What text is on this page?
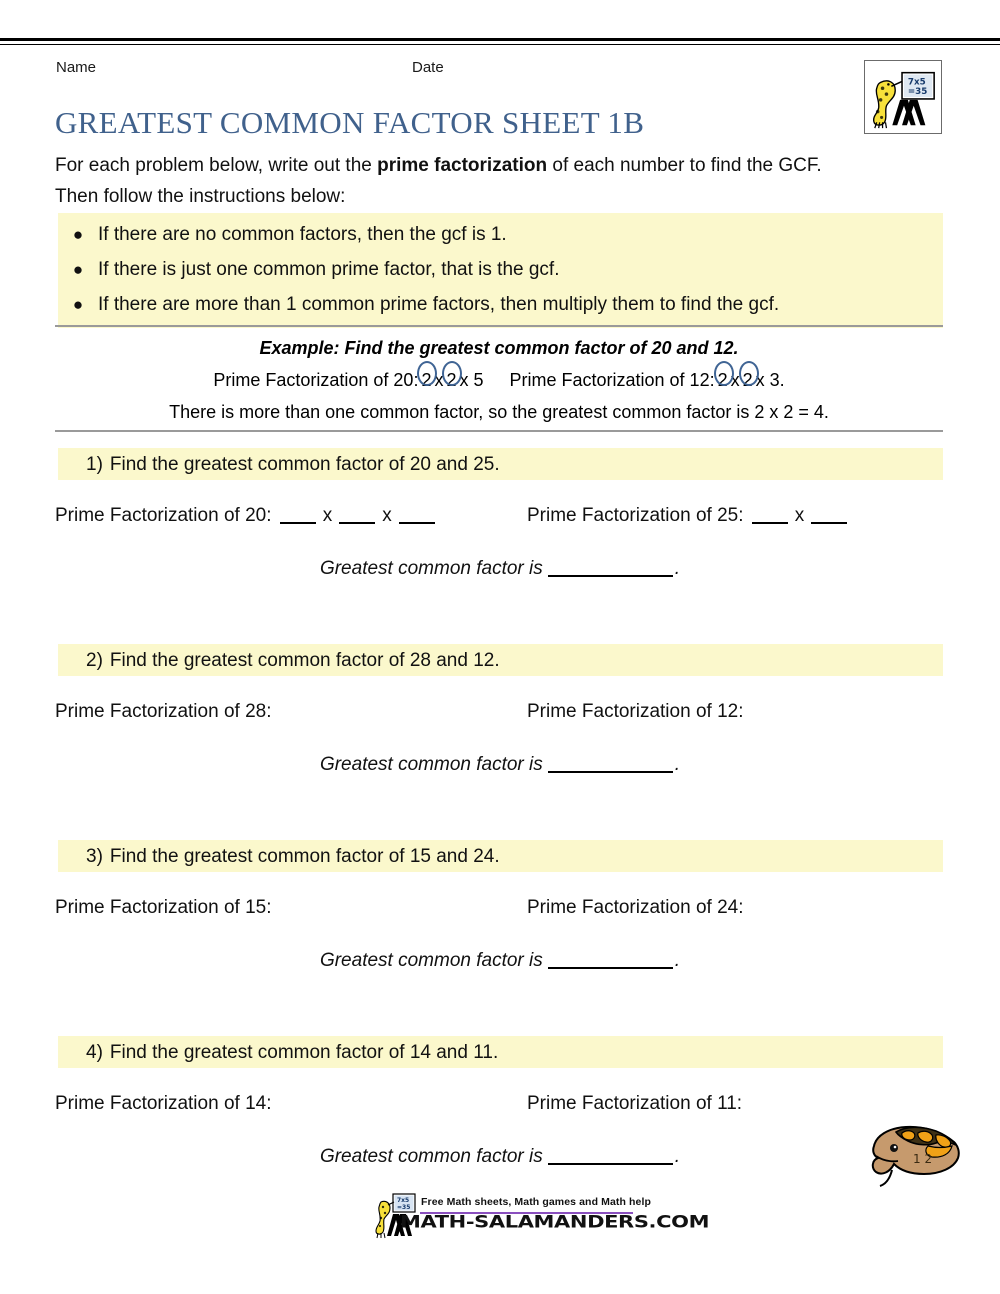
Name	Date
7x5
=35
GREATEST COMMON FACTOR SHEET 1B
For each problem below, write out the prime factorization of each number to find the GCF.
Then follow the instructions below:
● If there are no common factors, then the gcf is 1.
● If there is just one common prime factor, that is the gcf.
● If there are more than 1 common prime factors, then multiply them to find the gcf.
Example: Find the greatest common factor of 20 and 12.
Prime Factorization of 20: 2 x 2 x 5 Prime Factorization of 12: 2 x 2 x 3.
There is more than one common factor, so the greatest common factor is 2 x 2 = 4.
1) Find the greatest common factor of 20 and 25.
Prime Factorization of 20:	x	x	Prime Factorization of 25:	x
Greatest common factor is	.
2) Find the greatest common factor of 28 and 12.
Prime Factorization of 28:	Prime Factorization of 12:
Greatest common factor is	.
3) Find the greatest common factor of 15 and 24.
Prime Factorization of 15:	Prime Factorization of 24:
Greatest common factor is	.
4) Find the greatest common factor of 14 and 11.
Prime Factorization of 14:	Prime Factorization of 11:
Greatest common factor is	.	1 2
7x5
=35 Free Math sheets, Math games and Math help
MATH-SALAMANDERS.COM
